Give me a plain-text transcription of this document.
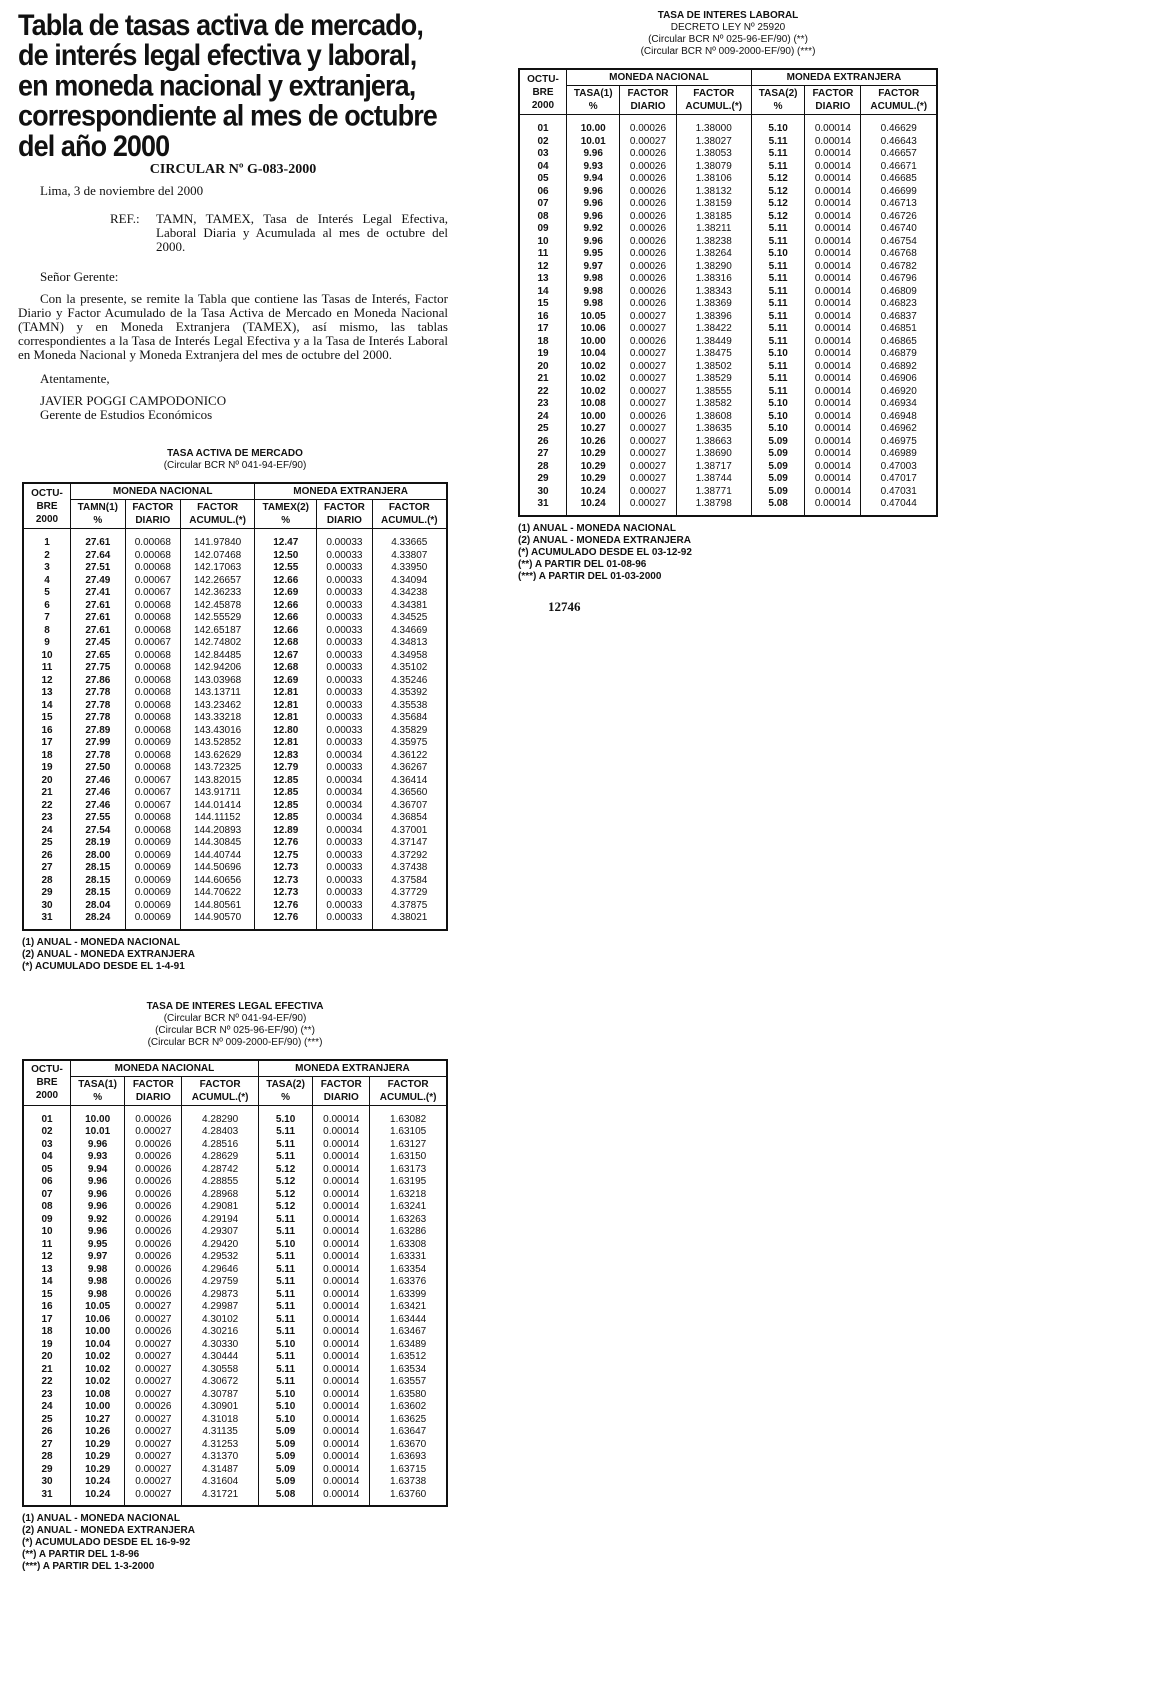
Tabla de tasas activa de mercado, de interés legal efectiva y laboral, en moneda nacional y extranjera, correspondiente al mes de octubre del año 2000
CIRCULAR Nº G-083-2000
Lima, 3 de noviembre del 2000
REF.:	TAMN, TAMEX, Tasa de Interés Legal Efectiva, Laboral Diaria y Acumulada al mes de octubre del 2000.
Señor Gerente:

Con la presente, se remite la Tabla que contiene las Tasas de Interés, Factor Diario y Factor Acumulado de la Tasa Activa de Mercado en Moneda Nacional (TAMN) y en Moneda Extranjera (TAMEX), así mismo, las tablas correspondientes a la Tasa de Interés Legal Efectiva y a la Tasa de Interés Laboral en Moneda Nacional y Moneda Extranjera del mes de octubre del 2000.

Atentamente,
JAVIER POGGI CAMPODONICO
Gerente de Estudios Económicos
TASA ACTIVA DE MERCADO
(Circular BCR Nº 041-94-EF/90)
OCTU-
BRE
2000	MONEDA NACIONAL			MONEDA EXTRANJERA		

TAMN(1)
%

FACTOR
DIARIO

FACTOR
ACUMUL.(*)

TAMEX(2)
%

FACTOR
DIARIO

FACTOR
ACUMUL.(*)

1	27.61	0.00068	141.97840	12.47	0.00033	4.33665
2	27.64	0.00068	142.07468	12.50	0.00033	4.33807
3	27.51	0.00068	142.17063	12.55	0.00033	4.33950
4	27.49	0.00067	142.26657	12.66	0.00033	4.34094
5	27.41	0.00067	142.36233	12.69	0.00033	4.34238
6	27.61	0.00068	142.45878	12.66	0.00033	4.34381
7	27.61	0.00068	142.55529	12.66	0.00033	4.34525
8	27.61	0.00068	142.65187	12.66	0.00033	4.34669
9	27.45	0.00067	142.74802	12.68	0.00033	4.34813
10	27.65	0.00068	142.84485	12.67	0.00033	4.34958
11	27.75	0.00068	142.94206	12.68	0.00033	4.35102
12	27.86	0.00068	143.03968	12.69	0.00033	4.35246
13	27.78	0.00068	143.13711	12.81	0.00033	4.35392
14	27.78	0.00068	143.23462	12.81	0.00033	4.35538
15	27.78	0.00068	143.33218	12.81	0.00033	4.35684
16	27.89	0.00068	143.43016	12.80	0.00033	4.35829
17	27.99	0.00069	143.52852	12.81	0.00033	4.35975
18	27.78	0.00068	143.62629	12.83	0.00034	4.36122
19	27.50	0.00068	143.72325	12.79	0.00033	4.36267
20	27.46	0.00067	143.82015	12.85	0.00034	4.36414
21	27.46	0.00067	143.91711	12.85	0.00034	4.36560
22	27.46	0.00067	144.01414	12.85	0.00034	4.36707
23	27.55	0.00068	144.11152	12.85	0.00034	4.36854
24	27.54	0.00068	144.20893	12.89	0.00034	4.37001
25	28.19	0.00069	144.30845	12.76	0.00033	4.37147
26	28.00	0.00069	144.40744	12.75	0.00033	4.37292
27	28.15	0.00069	144.50696	12.73	0.00033	4.37438
28	28.15	0.00069	144.60656	12.73	0.00033	4.37584
29	28.15	0.00069	144.70622	12.73	0.00033	4.37729
30	28.04	0.00069	144.80561	12.76	0.00033	4.37875
31	28.24	0.00069	144.90570	12.76	0.00033	4.38021
(1) ANUAL - MONEDA NACIONAL
(2) ANUAL - MONEDA EXTRANJERA
(*) ACUMULADO DESDE EL 1-4-91
TASA DE INTERES LEGAL EFECTIVA
(Circular BCR Nº 041-94-EF/90)
(Circular BCR Nº 025-96-EF/90) (**)
(Circular BCR Nº 009-2000-EF/90) (***)
OCTU-
BRE
2000	MONEDA NACIONAL			MONEDA EXTRANJERA		

TASA(1)
%

FACTOR
DIARIO

FACTOR
ACUMUL.(*)

TASA(2)
%

FACTOR
DIARIO

FACTOR
ACUMUL.(*)

01	10.00	0.00026	4.28290	5.10	0.00014	1.63082
02	10.01	0.00027	4.28403	5.11	0.00014	1.63105
03	9.96	0.00026	4.28516	5.11	0.00014	1.63127
04	9.93	0.00026	4.28629	5.11	0.00014	1.63150
05	9.94	0.00026	4.28742	5.12	0.00014	1.63173
06	9.96	0.00026	4.28855	5.12	0.00014	1.63195
07	9.96	0.00026	4.28968	5.12	0.00014	1.63218
08	9.96	0.00026	4.29081	5.12	0.00014	1.63241
09	9.92	0.00026	4.29194	5.11	0.00014	1.63263
10	9.96	0.00026	4.29307	5.11	0.00014	1.63286
11	9.95	0.00026	4.29420	5.10	0.00014	1.63308
12	9.97	0.00026	4.29532	5.11	0.00014	1.63331
13	9.98	0.00026	4.29646	5.11	0.00014	1.63354
14	9.98	0.00026	4.29759	5.11	0.00014	1.63376
15	9.98	0.00026	4.29873	5.11	0.00014	1.63399
16	10.05	0.00027	4.29987	5.11	0.00014	1.63421
17	10.06	0.00027	4.30102	5.11	0.00014	1.63444
18	10.00	0.00026	4.30216	5.11	0.00014	1.63467
19	10.04	0.00027	4.30330	5.10	0.00014	1.63489
20	10.02	0.00027	4.30444	5.11	0.00014	1.63512
21	10.02	0.00027	4.30558	5.11	0.00014	1.63534
22	10.02	0.00027	4.30672	5.11	0.00014	1.63557
23	10.08	0.00027	4.30787	5.10	0.00014	1.63580
24	10.00	0.00026	4.30901	5.10	0.00014	1.63602
25	10.27	0.00027	4.31018	5.10	0.00014	1.63625
26	10.26	0.00027	4.31135	5.09	0.00014	1.63647
27	10.29	0.00027	4.31253	5.09	0.00014	1.63670
28	10.29	0.00027	4.31370	5.09	0.00014	1.63693
29	10.29	0.00027	4.31487	5.09	0.00014	1.63715
30	10.24	0.00027	4.31604	5.09	0.00014	1.63738
31	10.24	0.00027	4.31721	5.08	0.00014	1.63760
(1) ANUAL - MONEDA NACIONAL
(2) ANUAL - MONEDA EXTRANJERA
(*) ACUMULADO DESDE EL 16-9-92
(**) A PARTIR DEL 1-8-96
(***) A PARTIR DEL 1-3-2000
TASA DE INTERES LABORAL
DECRETO LEY Nº 25920
(Circular BCR Nº 025-96-EF/90) (**)
(Circular BCR Nº 009-2000-EF/90) (***)
OCTU-
BRE
2000	MONEDA NACIONAL			MONEDA EXTRANJERA		

TASA(1)
%

FACTOR
DIARIO

FACTOR
ACUMUL.(*)

TASA(2)
%

FACTOR
DIARIO

FACTOR
ACUMUL.(*)

01	10.00	0.00026	1.38000	5.10	0.00014	0.46629
02	10.01	0.00027	1.38027	5.11	0.00014	0.46643
03	9.96	0.00026	1.38053	5.11	0.00014	0.46657
04	9.93	0.00026	1.38079	5.11	0.00014	0.46671
05	9.94	0.00026	1.38106	5.12	0.00014	0.46685
06	9.96	0.00026	1.38132	5.12	0.00014	0.46699
07	9.96	0.00026	1.38159	5.12	0.00014	0.46713
08	9.96	0.00026	1.38185	5.12	0.00014	0.46726
09	9.92	0.00026	1.38211	5.11	0.00014	0.46740
10	9.96	0.00026	1.38238	5.11	0.00014	0.46754
11	9.95	0.00026	1.38264	5.10	0.00014	0.46768
12	9.97	0.00026	1.38290	5.11	0.00014	0.46782
13	9.98	0.00026	1.38316	5.11	0.00014	0.46796
14	9.98	0.00026	1.38343	5.11	0.00014	0.46809
15	9.98	0.00026	1.38369	5.11	0.00014	0.46823
16	10.05	0.00027	1.38396	5.11	0.00014	0.46837
17	10.06	0.00027	1.38422	5.11	0.00014	0.46851
18	10.00	0.00026	1.38449	5.11	0.00014	0.46865
19	10.04	0.00027	1.38475	5.10	0.00014	0.46879
20	10.02	0.00027	1.38502	5.11	0.00014	0.46892
21	10.02	0.00027	1.38529	5.11	0.00014	0.46906
22	10.02	0.00027	1.38555	5.11	0.00014	0.46920
23	10.08	0.00027	1.38582	5.10	0.00014	0.46934
24	10.00	0.00026	1.38608	5.10	0.00014	0.46948
25	10.27	0.00027	1.38635	5.10	0.00014	0.46962
26	10.26	0.00027	1.38663	5.09	0.00014	0.46975
27	10.29	0.00027	1.38690	5.09	0.00014	0.46989
28	10.29	0.00027	1.38717	5.09	0.00014	0.47003
29	10.29	0.00027	1.38744	5.09	0.00014	0.47017
30	10.24	0.00027	1.38771	5.09	0.00014	0.47031
31	10.24	0.00027	1.38798	5.08	0.00014	0.47044
(1) ANUAL - MONEDA NACIONAL
(2) ANUAL - MONEDA EXTRANJERA
(*) ACUMULADO DESDE EL 03-12-92
(**) A PARTIR DEL 01-08-96
(***) A PARTIR DEL 01-03-2000
12746
